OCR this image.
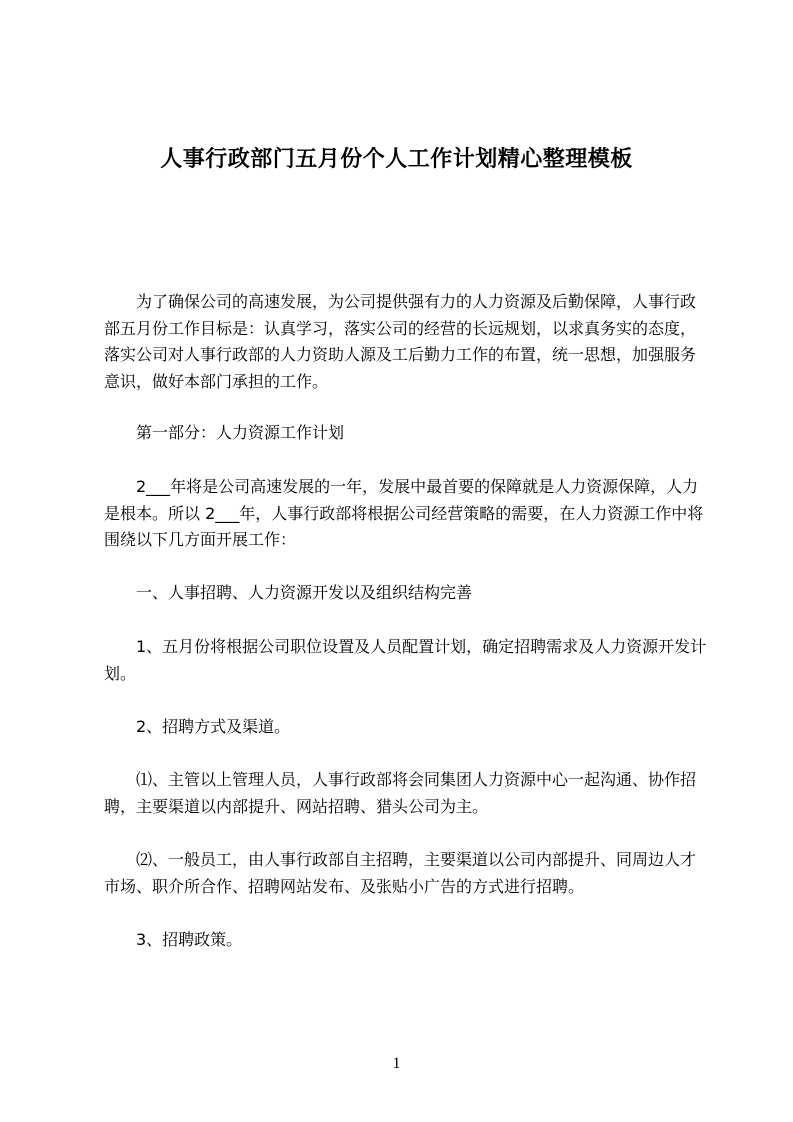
人事行政部门五月份个人工作计划精心整理模板
　　为了确保公司的高速发展，为公司提供强有力的人力资源及后勤保障，人事行政
部五月份工作目标是：认真学习，落实公司的经营的长远规划，以求真务实的态度，
落实公司对人事行政部的人力资助人源及工后勤力工作的布置，统一思想，加强服务
意识，做好本部门承担的工作。
　　第一部分：人力资源工作计划
　　2___年将是公司高速发展的一年，发展中最首要的保障就是人力资源保障，人力
是根本。所以 2___年，人事行政部将根据公司经营策略的需要，在人力资源工作中将
围绕以下几方面开展工作：
　　一、人事招聘、人力资源开发以及组织结构完善
　　1、五月份将根据公司职位设置及人员配置计划，确定招聘需求及人力资源开发计
划。
　　2、招聘方式及渠道。
　　⑴、主管以上管理人员，人事行政部将会同集团人力资源中心一起沟通、协作招
聘，主要渠道以内部提升、网站招聘、猎头公司为主。
　　⑵、一般员工，由人事行政部自主招聘，主要渠道以公司内部提升、同周边人才
市场、职介所合作、招聘网站发布、及张贴小广告的方式进行招聘。
　　3、招聘政策。
1
